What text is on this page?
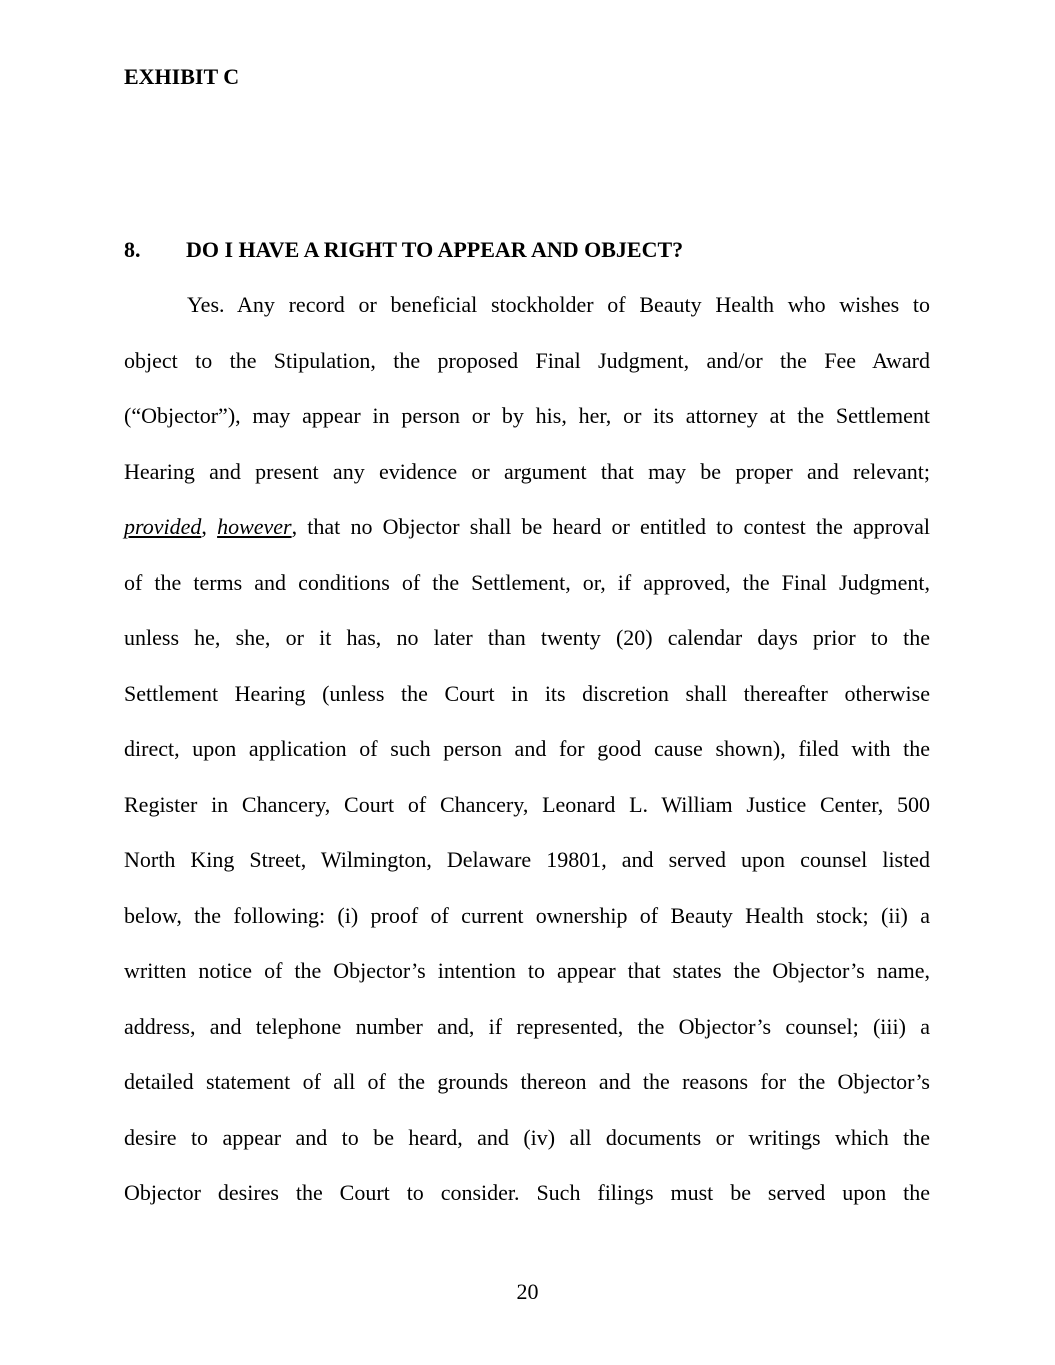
EXHIBIT C
8. DO I HAVE A RIGHT TO APPEAR AND OBJECT?
Yes. Any record or beneficial stockholder of Beauty Health who wishes to
object to the Stipulation, the proposed Final Judgment, and/or the Fee Award
(“Objector”), may appear in person or by his, her, or its attorney at the Settlement
Hearing and present any evidence or argument that may be proper and relevant;
provided, however, that no Objector shall be heard or entitled to contest the approval
of the terms and conditions of the Settlement, or, if approved, the Final Judgment,
unless he, she, or it has, no later than twenty (20) calendar days prior to the
Settlement Hearing (unless the Court in its discretion shall thereafter otherwise
direct, upon application of such person and for good cause shown), filed with the
Register in Chancery, Court of Chancery, Leonard L. William Justice Center, 500
North King Street, Wilmington, Delaware 19801, and served upon counsel listed
below, the following: (i) proof of current ownership of Beauty Health stock; (ii) a
written notice of the Objector’s intention to appear that states the Objector’s name,
address, and telephone number and, if represented, the Objector’s counsel; (iii) a
detailed statement of all of the grounds thereon and the reasons for the Objector’s
desire to appear and to be heard, and (iv) all documents or writings which the
Objector desires the Court to consider. Such filings must be served upon the
20
